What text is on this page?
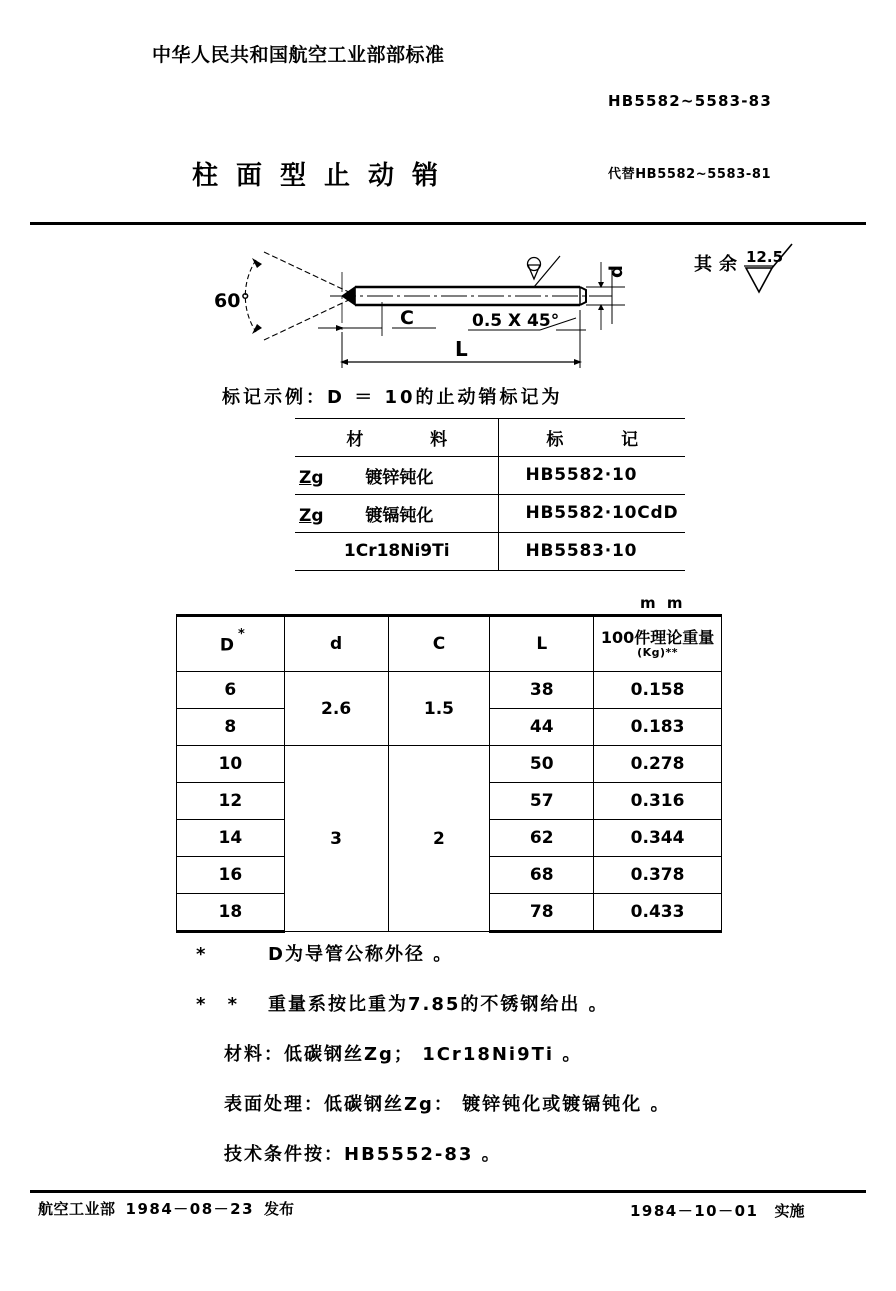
中华人民共和国航空工业部部标准
HB5582~5583-83
柱面型止动销	代替HB5582~5583-81
60°
C
L
0.5 X 45°
d
12.5
其余
标记示例：D ＝ 10的止动销标记为
材 料	标 记

Zg 镀锌钝化	HB5582·10

Zg 镀镉钝化	HB5582·10CdD

1Cr18Ni9Ti	HB5583·10
m m
D*	d	C	L	100件理论重量
(Kg)**

6	2.6	1.5	38	0.158
8			44	0.183
10	3	2	50	0.278
12			57	0.316
14			62	0.344
16			68	0.378
18			78	0.433
*	D为导管公称外径 。
* * 重量系按比重为7.85的不锈钢给出 。
材料：低碳钢丝Zg； 1Cr18Ni9Ti 。
表面处理：低碳钢丝Zg： 镀锌钝化或镀镉钝化 。
技术条件按：HB5552-83 。
航空工业部 1984－08－23 发布	1984－10－01 实施
